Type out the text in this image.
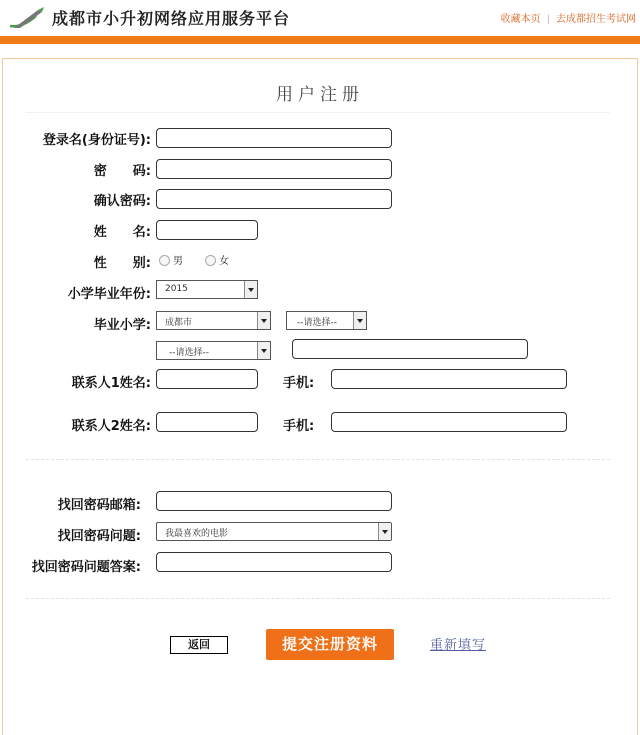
成都市小升初网络应用服务平台	收藏本页 | 去成都招生考试网
用户注册
登录名(身份证号):
密　　码:
确认密码:
姓　　名:
性　　别: 男	女
小学毕业年份: 2015
毕业小学: 成都市	--请选择--
--请选择--
联系人1姓名:	手机:
联系人2姓名:	手机:
找回密码邮箱:
找回密码问题:	我最喜欢的电影
找回密码问题答案:
返回	提交注册资料	重新填写
